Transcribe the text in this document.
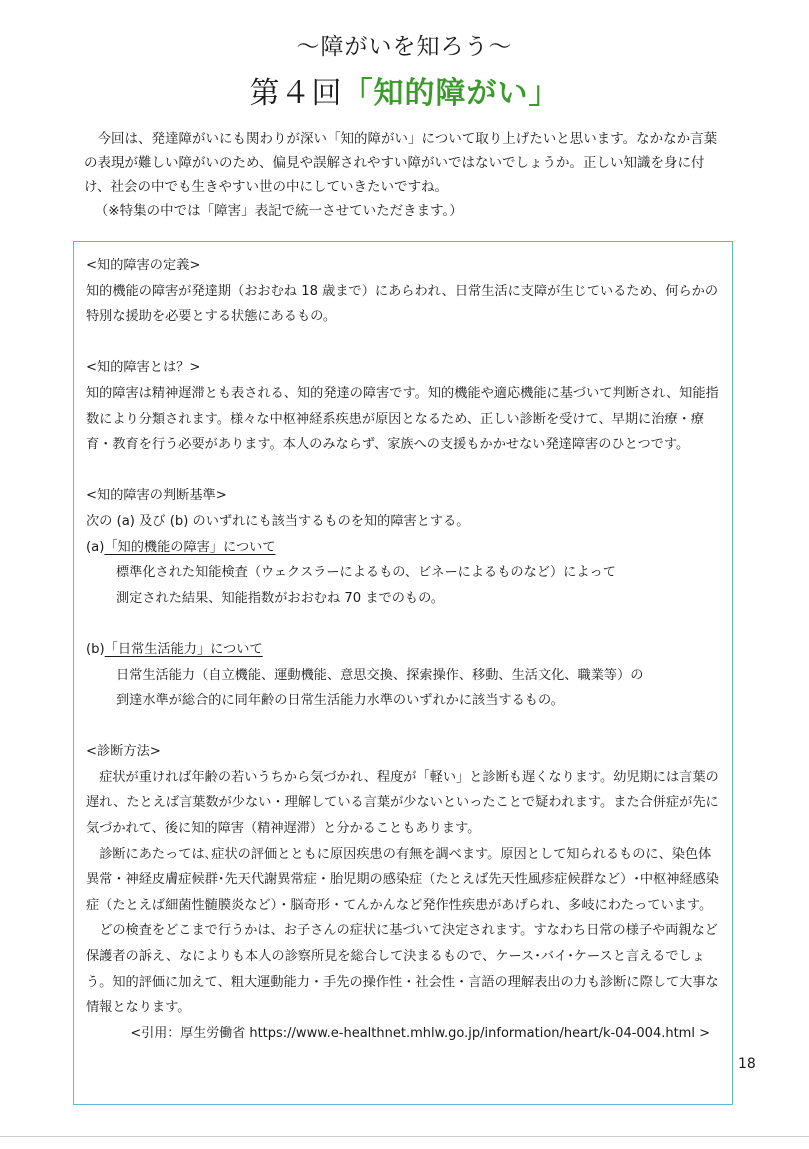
〜障がいを知ろう〜
第４回「知的障がい」

今回は、発達障がいにも関わりが深い「知的障がい」について取り上げたいと思います。なかなか言葉の表現が難しい障がいのため、偏見や誤解されやすい障がいではないでしょうか。正しい知識を身に付け、社会の中でも生きやすい世の中にしていきたいですね。

（※特集の中では「障害」表記で統一させていただきます。）

<知的障害の定義>

知的機能の障害が発達期（おおむね 18 歳まで）にあらわれ、日常生活に支障が生じているため、何らかの特別な援助を必要とする状態にあるもの。

<知的障害とは？>

知的障害は精神遅滞とも表される、知的発達の障害です。知的機能や適応機能に基づいて判断され、知能指数により分類されます。様々な中枢神経系疾患が原因となるため、正しい診断を受けて、早期に治療・療育・教育を行う必要があります。本人のみならず、家族への支援もかかせない発達障害のひとつです。

<知的障害の判断基準>

次の (a) 及び (b) のいずれにも該当するものを知的障害とする。

(a)「知的機能の障害」について

標準化された知能検査（ウェクスラーによるもの、ビネーによるものなど）によって

測定された結果、知能指数がおおむね 70 までのもの。

(b)「日常生活能力」について

日常生活能力（自立機能、運動機能、意思交換、探索操作、移動、生活文化、職業等）の

到達水準が総合的に同年齢の日常生活能力水準のいずれかに該当するもの。

<診断方法>

症状が重ければ年齢の若いうちから気づかれ、程度が「軽い」と診断も遅くなります。幼児期には言葉の遅れ、たとえば言葉数が少ない・理解している言葉が少ないといったことで疑われます。また合併症が先に気づかれて、後に知的障害（精神遅滞）と分かることもあります。

診断にあたっては､症状の評価とともに原因疾患の有無を調べます。原因として知られるものに、染色体異常・神経皮膚症候群･先天代謝異常症・胎児期の感染症（たとえば先天性風疹症候群など）･中枢神経感染症（たとえば細菌性髄膜炎など）・脳奇形・てんかんなど発作性疾患があげられ、多岐にわたっています。

どの検査をどこまで行うかは、お子さんの症状に基づいて決定されます。すなわち日常の様子や両親など保護者の訴え、なによりも本人の診察所見を総合して決まるもので、ケース･バイ･ケースと言えるでしょう。知的評価に加えて、粗大運動能力・手先の操作性・社会性・言語の理解表出の力も診断に際して大事な情報となります。

<引用：厚生労働省 https://www.e-healthnet.mhlw.go.jp/information/heart/k-04-004.html >

18
